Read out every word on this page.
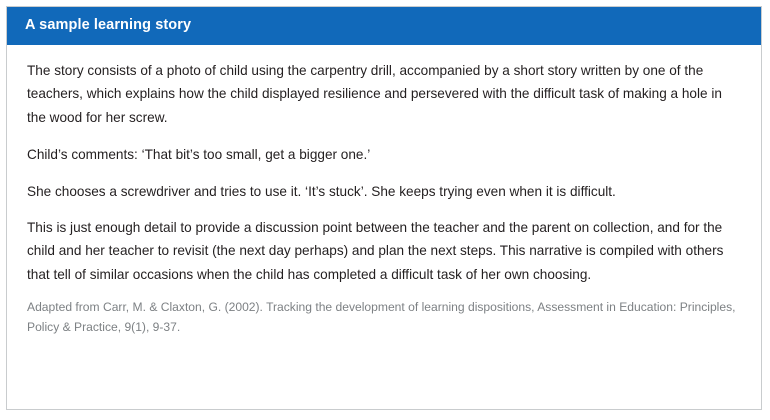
A sample learning story

The story consists of a photo of child using the carpentry drill, accompanied by a short story written by one of the teachers, which explains how the child displayed resilience and persevered with the difficult task of making a hole in the wood for her screw.

Child’s comments: ‘That bit’s too small, get a bigger one.’

She chooses a screwdriver and tries to use it. ‘It’s stuck’. She keeps trying even when it is difficult.

This is just enough detail to provide a discussion point between the teacher and the parent on collection, and for the child and her teacher to revisit (the next day perhaps) and plan the next steps. This narrative is compiled with others that tell of similar occasions when the child has completed a difficult task of her own choosing.

Adapted from Carr, M. & Claxton, G. (2002). Tracking the development of learning dispositions, Assessment in Education: Principles, Policy & Practice, 9(1), 9-37.
